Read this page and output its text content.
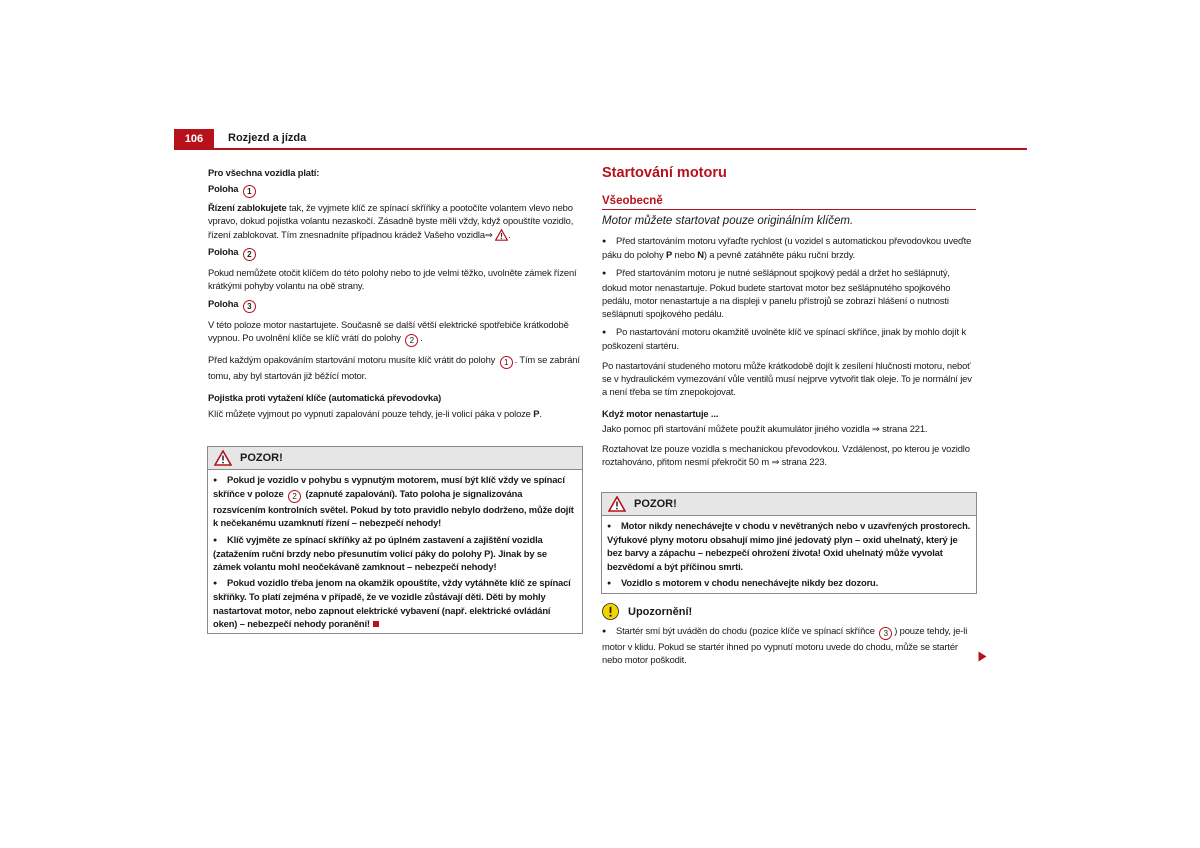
106	Rozjezd a jízda

Pro všechna vozidla platí:

Poloha 1

Řízení zablokujete tak, že vyjmete klíč ze spínací skříňky a pootočíte volantem vlevo nebo vpravo, dokud pojistka volantu nezaskočí. Zásadně byste měli vždy, když opouštíte vozidlo, řízení zablokovat. Tím znesnadníte případnou krádež Vašeho vozidla⇒ .

Poloha 2

Pokud nemůžete otočit klíčem do této polohy nebo to jde velmi těžko, uvolněte zámek řízení krátkými pohyby volantu na obě strany.

Poloha 3

V této poloze motor nastartujete. Současně se další větší elektrické spotřebiče krátkodobě vypnou. Po uvolnění klíče se klíč vrátí do polohy 2 .

Před každým opakováním startování motoru musíte klíč vrátit do polohy 1 . Tím se zabrání tomu, aby byl startován již běžící motor.

Pojistka proti vytažení klíče (automatická převodovka)

Klíč můžete vyjmout po vypnutí zapalování pouze tehdy, je-li volicí páka v poloze P.

POZOR!

● Pokud je vozidlo v pohybu s vypnutým motorem, musí být klíč vždy ve spínací skříňce v poloze 2 (zapnuté zapalování). Tato poloha je signalizována rozsvícením kontrolních světel. Pokud by toto pravidlo nebylo dodrženo, může dojít k nečekanému uzamknutí řízení – nebezpečí nehody!

● Klíč vyjměte ze spínací skříňky až po úplném zastavení a zajištění vozidla (zatažením ruční brzdy nebo přesunutím volicí páky do polohy P). Jinak by se zámek volantu mohl neočekávaně zamknout – nebezpečí nehody!

● Pokud vozidlo třeba jenom na okamžik opouštíte, vždy vytáhněte klíč ze spínací skříňky. To platí zejména v případě, že ve vozidle zůstávají děti. Děti by mohly nastartovat motor, nebo zapnout elektrické vybavení (např. elektrické ovládání oken) – nebezpečí nehody poranění!

Startování motoru
Všeobecně

Motor můžete startovat pouze originálním klíčem.

● Před startováním motoru vyřaďte rychlost (u vozidel s automatickou převodovkou uveďte páku do polohy P nebo N) a pevně zatáhněte páku ruční brzdy.

● Před startováním motoru je nutné sešlápnout spojkový pedál a držet ho sešlápnutý, dokud motor nenastartuje. Pokud budete startovat motor bez sešlápnutého spojkového pedálu, motor nenastartuje a na displeji v panelu přístrojů se zobrazí hlášení o nutnosti sešlápnutí spojkového pedálu.

● Po nastartování motoru okamžitě uvolněte klíč ve spínací skříňce, jinak by mohlo dojít k poškození startéru.

Po nastartování studeného motoru může krátkodobě dojít k zesílení hlučnosti motoru, neboť se v hydraulickém vymezování vůle ventilů musí nejprve vytvořit tlak oleje. To je normální jev a není třeba se tím znepokojovat.

Když motor nenastartuje ...

Jako pomoc při startování můžete použít akumulátor jiného vozidla ⇒ strana 221.

Roztahovat lze pouze vozidla s mechanickou převodovkou. Vzdálenost, po kterou je vozidlo roztahováno, přitom nesmí překročit 50 m ⇒ strana 223.

POZOR!

● Motor nikdy nenechávejte v chodu v nevětraných nebo v uzavřených prostorech. Výfukové plyny motoru obsahují mimo jiné jedovatý plyn – oxid uhelnatý, který je bez barvy a zápachu – nebezpečí ohrožení života! Oxid uhelnatý může vyvolat bezvědomí a být příčinou smrti.

● Vozidlo s motorem v chodu nenechávejte nikdy bez dozoru.

Upozornění!

● Startér smí být uváděn do chodu (pozice klíče ve spínací skříňce 3 ) pouze tehdy, je-li motor v klidu. Pokud se startér ihned po vypnutí motoru uvede do chodu, může se startér nebo motor poškodit.
